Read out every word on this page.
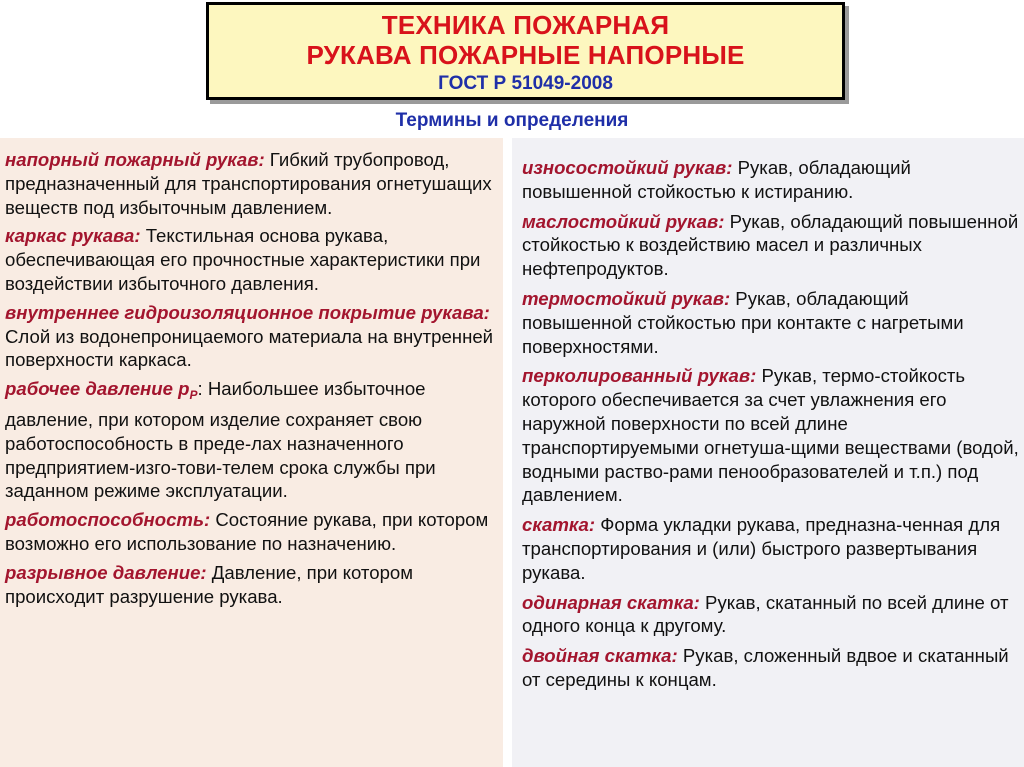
ТЕХНИКА ПОЖАРНАЯ
РУКАВА ПОЖАРНЫЕ НАПОРНЫЕ
ГОСТ Р 51049-2008
Термины и определения
напорный пожарный рукав: Гибкий трубопровод, предназначенный для транспортирования огнетушащих веществ под избыточным давлением.
каркас рукава: Текстильная основа рукава, обеспечивающая его прочностные характеристики при воздействии избыточного давления.
внутреннее гидроизоляционное покрытие рукава: Слой из водонепроницаемого материала на внутренней поверхности каркаса.
рабочее давление $р_Р$: Наибольшее избыточное давление, при котором изделие сохраняет свою работоспособность в преде-лах назначенного предприятием-изго-тови-телем срока службы при заданном режиме эксплуатации.
работоспособность: Состояние рукава, при котором возможно его использование по назначению.
разрывное давление: Давление, при котором происходит разрушение рукава.
износостойкий рукав: Рукав, обладающий повышенной стойкостью к истиранию.
маслостойкий рукав: Рукав, обладающий повышенной стойкостью к воздействию масел и различных нефтепродуктов.
термостойкий рукав: Рукав, обладающий повышенной стойкостью при контакте с нагретыми поверхностями.
перколированный рукав: Рукав, термо-стойкость которого обеспечивается за счет увлажнения его наружной поверхности по всей длине транспортируемыми огнетуша-щими веществами (водой, водными раство-рами пенообразователей и т.п.) под давлением.
скатка: Форма укладки рукава, предназна-ченная для транспортирования и (или) быстрого развертывания рукава.
одинарная скатка: Рукав, скатанный по всей длине от одного конца к другому.
двойная скатка: Рукав, сложенный вдвое и скатанный от середины к концам.
